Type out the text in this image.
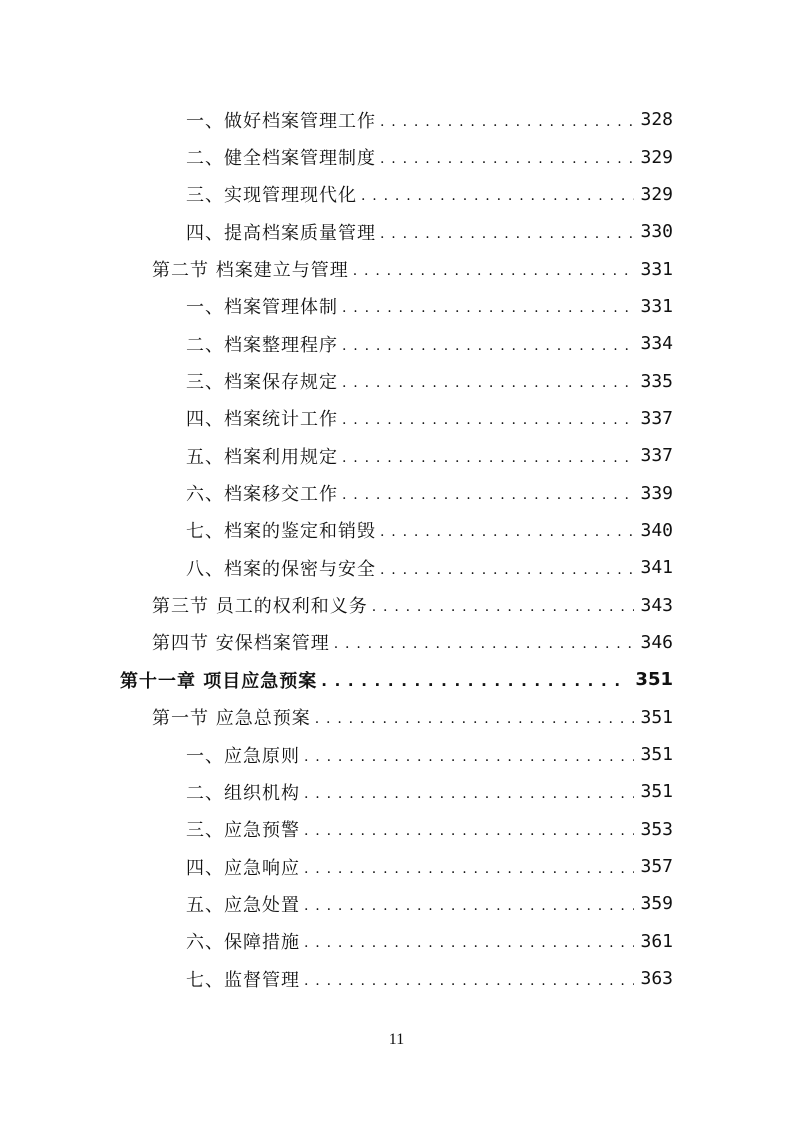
一、做好档案管理工作 . . .	328
二、健全档案管理制度 . . .	329
三、实现管理现代化 . . .	329
四、提高档案质量管理 . . .	330
第二节 档案建立与管理 . . .	331
一、档案管理体制 . . .	331
二、档案整理程序 . . .	334
三、档案保存规定 . . .	335
四、档案统计工作 . . .	337
五、档案利用规定 . . .	337
六、档案移交工作 . . .	339
七、档案的鉴定和销毁 . . .	340
八、档案的保密与安全 . . .	341
第三节 员工的权利和义务 . . .	343
第四节 安保档案管理 . . .	346
第十一章 项目应急预案 . . .	351
第一节 应急总预案 . . .	351
一、应急原则 . . .	351
二、组织机构 . . .	351
三、应急预警 . . .	353
四、应急响应 . . .	357
五、应急处置 . . .	359
六、保障措施 . . .	361
七、监督管理 . . .	363
11
